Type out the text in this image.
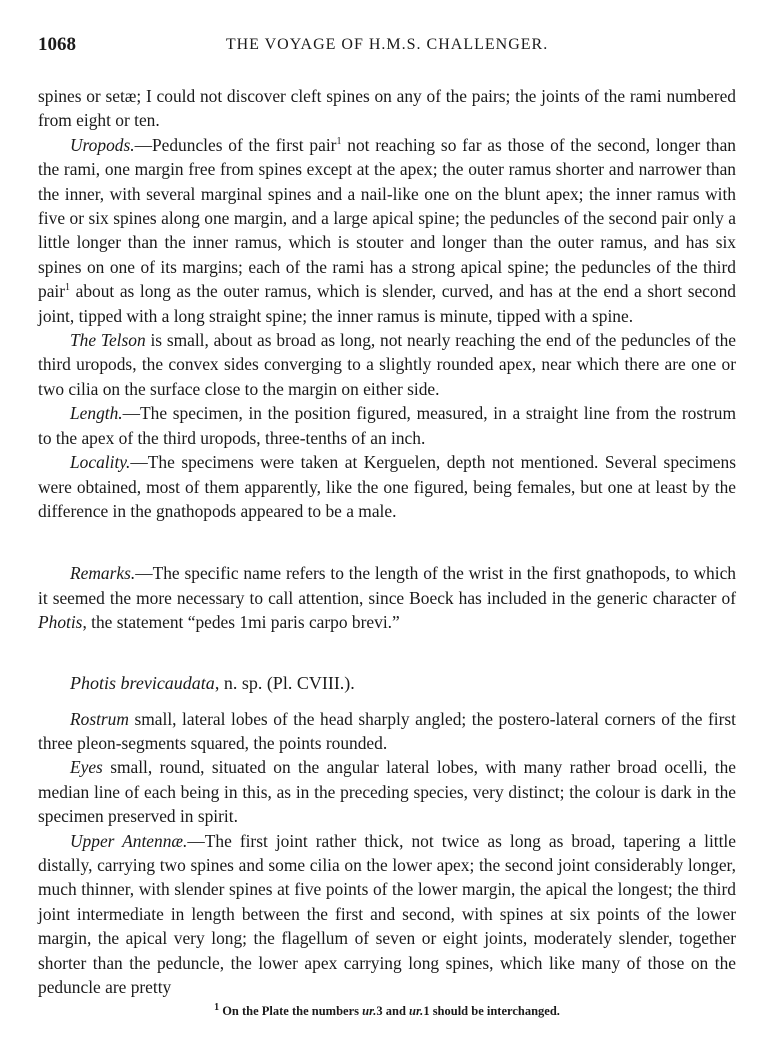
1068	THE VOYAGE OF H.M.S. CHALLENGER.

spines or setæ; I could not discover cleft spines on any of the pairs; the joints of the rami numbered from eight or ten.

Uropods.—Peduncles of the first pair$^1$ not reaching so far as those of the second, longer than the rami, one margin free from spines except at the apex; the outer ramus shorter and narrower than the inner, with several marginal spines and a nail-like one on the blunt apex; the inner ramus with five or six spines along one margin, and a large apical spine; the peduncles of the second pair only a little longer than the inner ramus, which is stouter and longer than the outer ramus, and has six spines on one of its margins; each of the rami has a strong apical spine; the peduncles of the third pair$^1$ about as long as the outer ramus, which is slender, curved, and has at the end a short second joint, tipped with a long straight spine; the inner ramus is minute, tipped with a spine.

The Telson is small, about as broad as long, not nearly reaching the end of the peduncles of the third uropods, the convex sides converging to a slightly rounded apex, near which there are one or two cilia on the surface close to the margin on either side.

Length.—The specimen, in the position figured, measured, in a straight line from the rostrum to the apex of the third uropods, three-tenths of an inch.

Locality.—The specimens were taken at Kerguelen, depth not mentioned. Several specimens were obtained, most of them apparently, like the one figured, being females, but one at least by the difference in the gnathopods appeared to be a male.

Remarks.—The specific name refers to the length of the wrist in the first gnathopods, to which it seemed the more necessary to call attention, since Boeck has included in the generic character of Photis, the statement “pedes 1mi paris carpo brevi.”

Photis brevicaudata, n. sp. (Pl. CVIII.).

Rostrum small, lateral lobes of the head sharply angled; the postero-lateral corners of the first three pleon-segments squared, the points rounded.

Eyes small, round, situated on the angular lateral lobes, with many rather broad ocelli, the median line of each being in this, as in the preceding species, very distinct; the colour is dark in the specimen preserved in spirit.

Upper Antennæ.—The first joint rather thick, not twice as long as broad, tapering a little distally, carrying two spines and some cilia on the lower apex; the second joint considerably longer, much thinner, with slender spines at five points of the lower margin, the apical the longest; the third joint intermediate in length between the first and second, with spines at six points of the lower margin, the apical very long; the flagellum of seven or eight joints, moderately slender, together shorter than the peduncle, the lower apex carrying long spines, which like many of those on the peduncle are pretty

$^1$ On the Plate the numbers ur.3 and ur.1 should be interchanged.
